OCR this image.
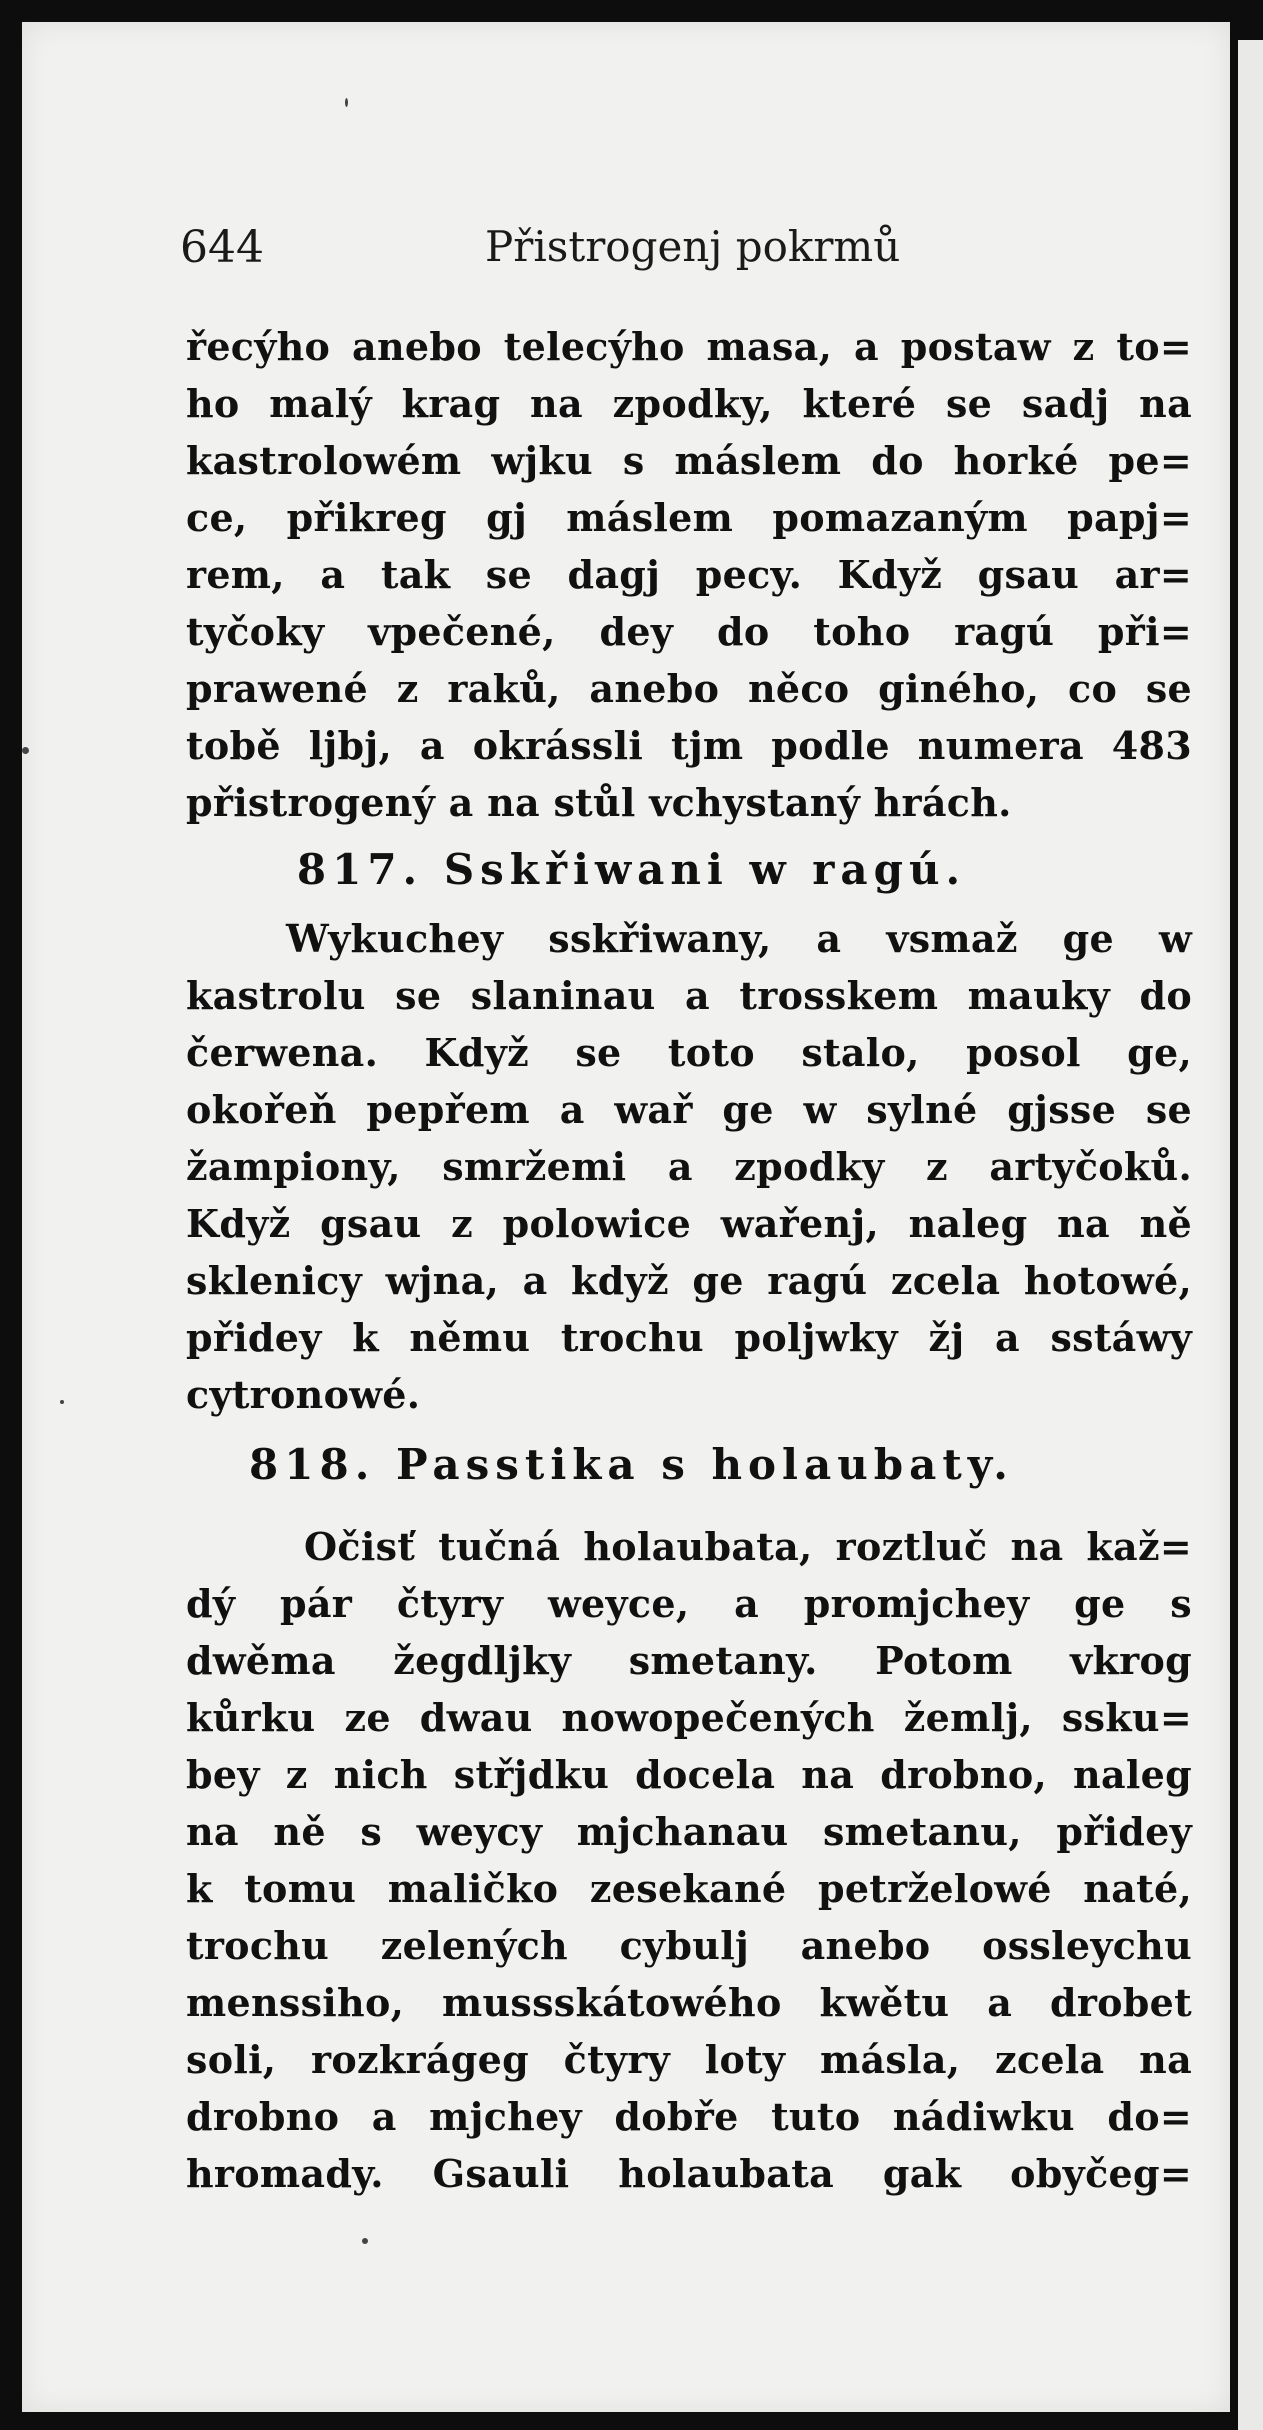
644	Přistrogenj pokrmů
řecýho anebo telecýho masa, a postaw z to=
ho malý krag na zpodky, které se sadj na
kastrolowém wjku s máslem do horké pe=
ce, přikreg gj máslem pomazaným papj=
rem, a tak se dagj pecy. Když gsau ar=
tyčoky vpečené, dey do toho ragú při=
prawené z raků, anebo něco giného, co se
tobě ljbj, a okrássli tjm podle numera 483
přistrogený a na stůl vchystaný hrách.
817. Sskřiwani w ragú.
Wykuchey sskřiwany, a vsmaž ge w
kastrolu se slaninau a trosskem mauky do
čerwena. Když se toto stalo, posol ge,
okořeň pepřem a wař ge w sylné gjsse se
žampiony, smržemi a zpodky z artyčoků.
Když gsau z polowice wařenj, naleg na ně
sklenicy wjna, a když ge ragú zcela hotowé,
přidey k němu trochu poljwky žj a sstáwy
cytronowé.
818. Passtika s holaubaty.
Očisť tučná holaubata, roztluč na kaž=
dý pár čtyry weyce, a promjchey ge s
dwěma žegdljky smetany. Potom vkrog
kůrku ze dwau nowopečených žemlj, ssku=
bey z nich střjdku docela na drobno, naleg
na ně s weycy mjchanau smetanu, přidey
k tomu maličko zesekané petrželowé naté,
trochu zelených cybulj anebo ossleychu
menssiho, mussskátowého kwětu a drobet
soli, rozkrágeg čtyry loty másla, zcela na
drobno a mjchey dobře tuto nádiwku do=
hromady. Gsauli holaubata gak obyčeg=
